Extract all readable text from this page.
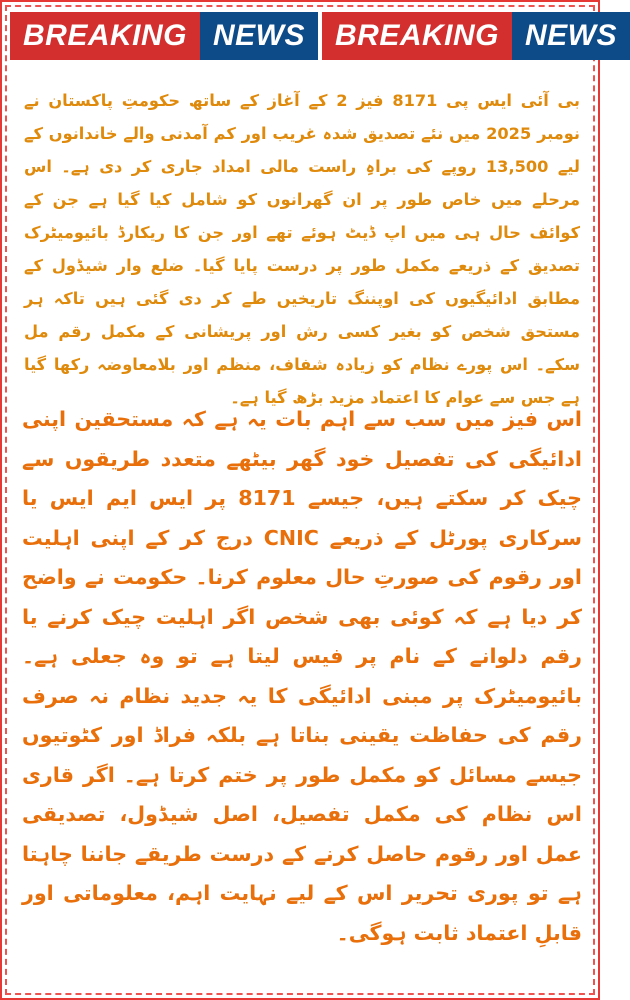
BREAKING NEWS BREAKING NEWS

بی آئی ایس پی 8171 فیز 2 کے آغاز کے ساتھ حکومتِ پاکستان نے نومبر 2025 میں نئے تصدیق شدہ غریب اور کم آمدنی والے خاندانوں کے لیے 13,500 روپے کی براہِ راست مالی امداد جاری کر دی ہے۔ اس مرحلے میں خاص طور پر ان گھرانوں کو شامل کیا گیا ہے جن کے کوائف حال ہی میں اپ ڈیٹ ہوئے تھے اور جن کا ریکارڈ بائیومیٹرک تصدیق کے ذریعے مکمل طور پر درست پایا گیا۔ ضلع وار شیڈول کے مطابق ادائیگیوں کی اوپننگ تاریخیں طے کر دی گئی ہیں تاکہ ہر مستحق شخص کو بغیر کسی رش اور پریشانی کے مکمل رقم مل سکے۔ اس پورے نظام کو زیادہ شفاف، منظم اور بلامعاوضہ رکھا گیا ہے جس سے عوام کا اعتماد مزید بڑھ گیا ہے۔

اس فیز میں سب سے اہم بات یہ ہے کہ مستحقین اپنی ادائیگی کی تفصیل خود گھر بیٹھے متعدد طریقوں سے چیک کر سکتے ہیں، جیسے 8171 پر ایس ایم ایس یا سرکاری پورٹل کے ذریعے CNIC درج کر کے اپنی اہلیت اور رقوم کی صورتِ حال معلوم کرنا۔ حکومت نے واضح کر دیا ہے کہ کوئی بھی شخص اگر اہلیت چیک کرنے یا رقم دلوانے کے نام پر فیس لیتا ہے تو وہ جعلی ہے۔ بائیومیٹرک پر مبنی ادائیگی کا یہ جدید نظام نہ صرف رقم کی حفاظت یقینی بناتا ہے بلکہ فراڈ اور کٹوتیوں جیسے مسائل کو مکمل طور پر ختم کرتا ہے۔ اگر قاری اس نظام کی مکمل تفصیل، اصل شیڈول، تصدیقی عمل اور رقوم حاصل کرنے کے درست طریقے جاننا چاہتا ہے تو پوری تحریر اس کے لیے نہایت اہم، معلوماتی اور قابلِ اعتماد ثابت ہوگی۔
